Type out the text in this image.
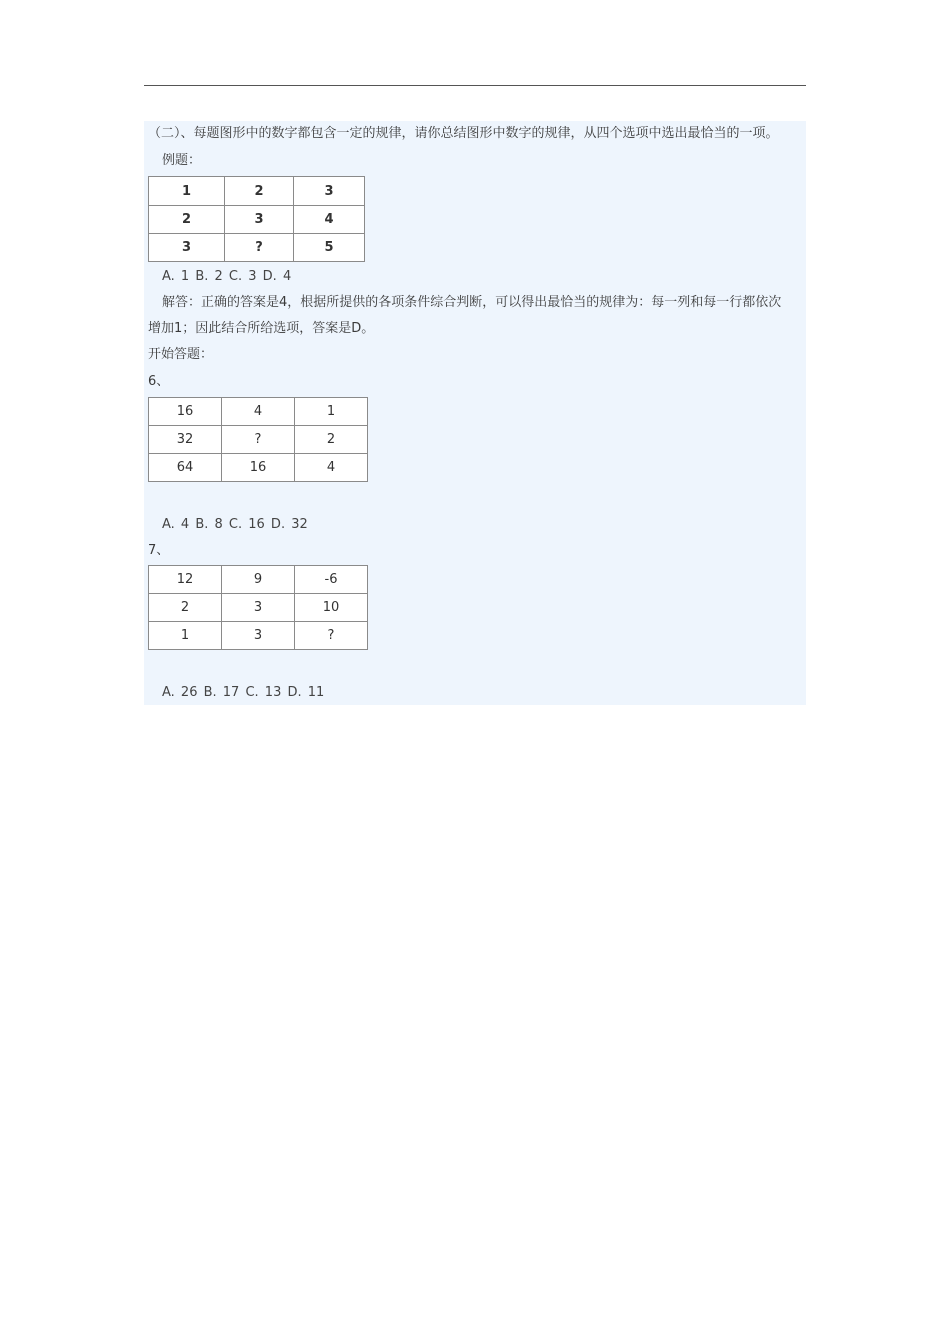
（二）、每题图形中的数字都包含一定的规律，请你总结图形中数字的规律，从四个选项中选出最恰当的一项。
例题：
1	2	3
2	3	4
3	?	5
A. 1 B. 2 C. 3 D. 4
解答：正确的答案是4，根据所提供的各项条件综合判断，可以得出最恰当的规律为：每一列和每一行都依次
增加1；因此结合所给选项，答案是D。
开始答题：
6、
16	4	1
32	?	2
64	16	4
A. 4 B. 8 C. 16 D. 32
7、
12	9	-6
2	3	10
1	3	?
A. 26 B. 17 C. 13 D. 11
